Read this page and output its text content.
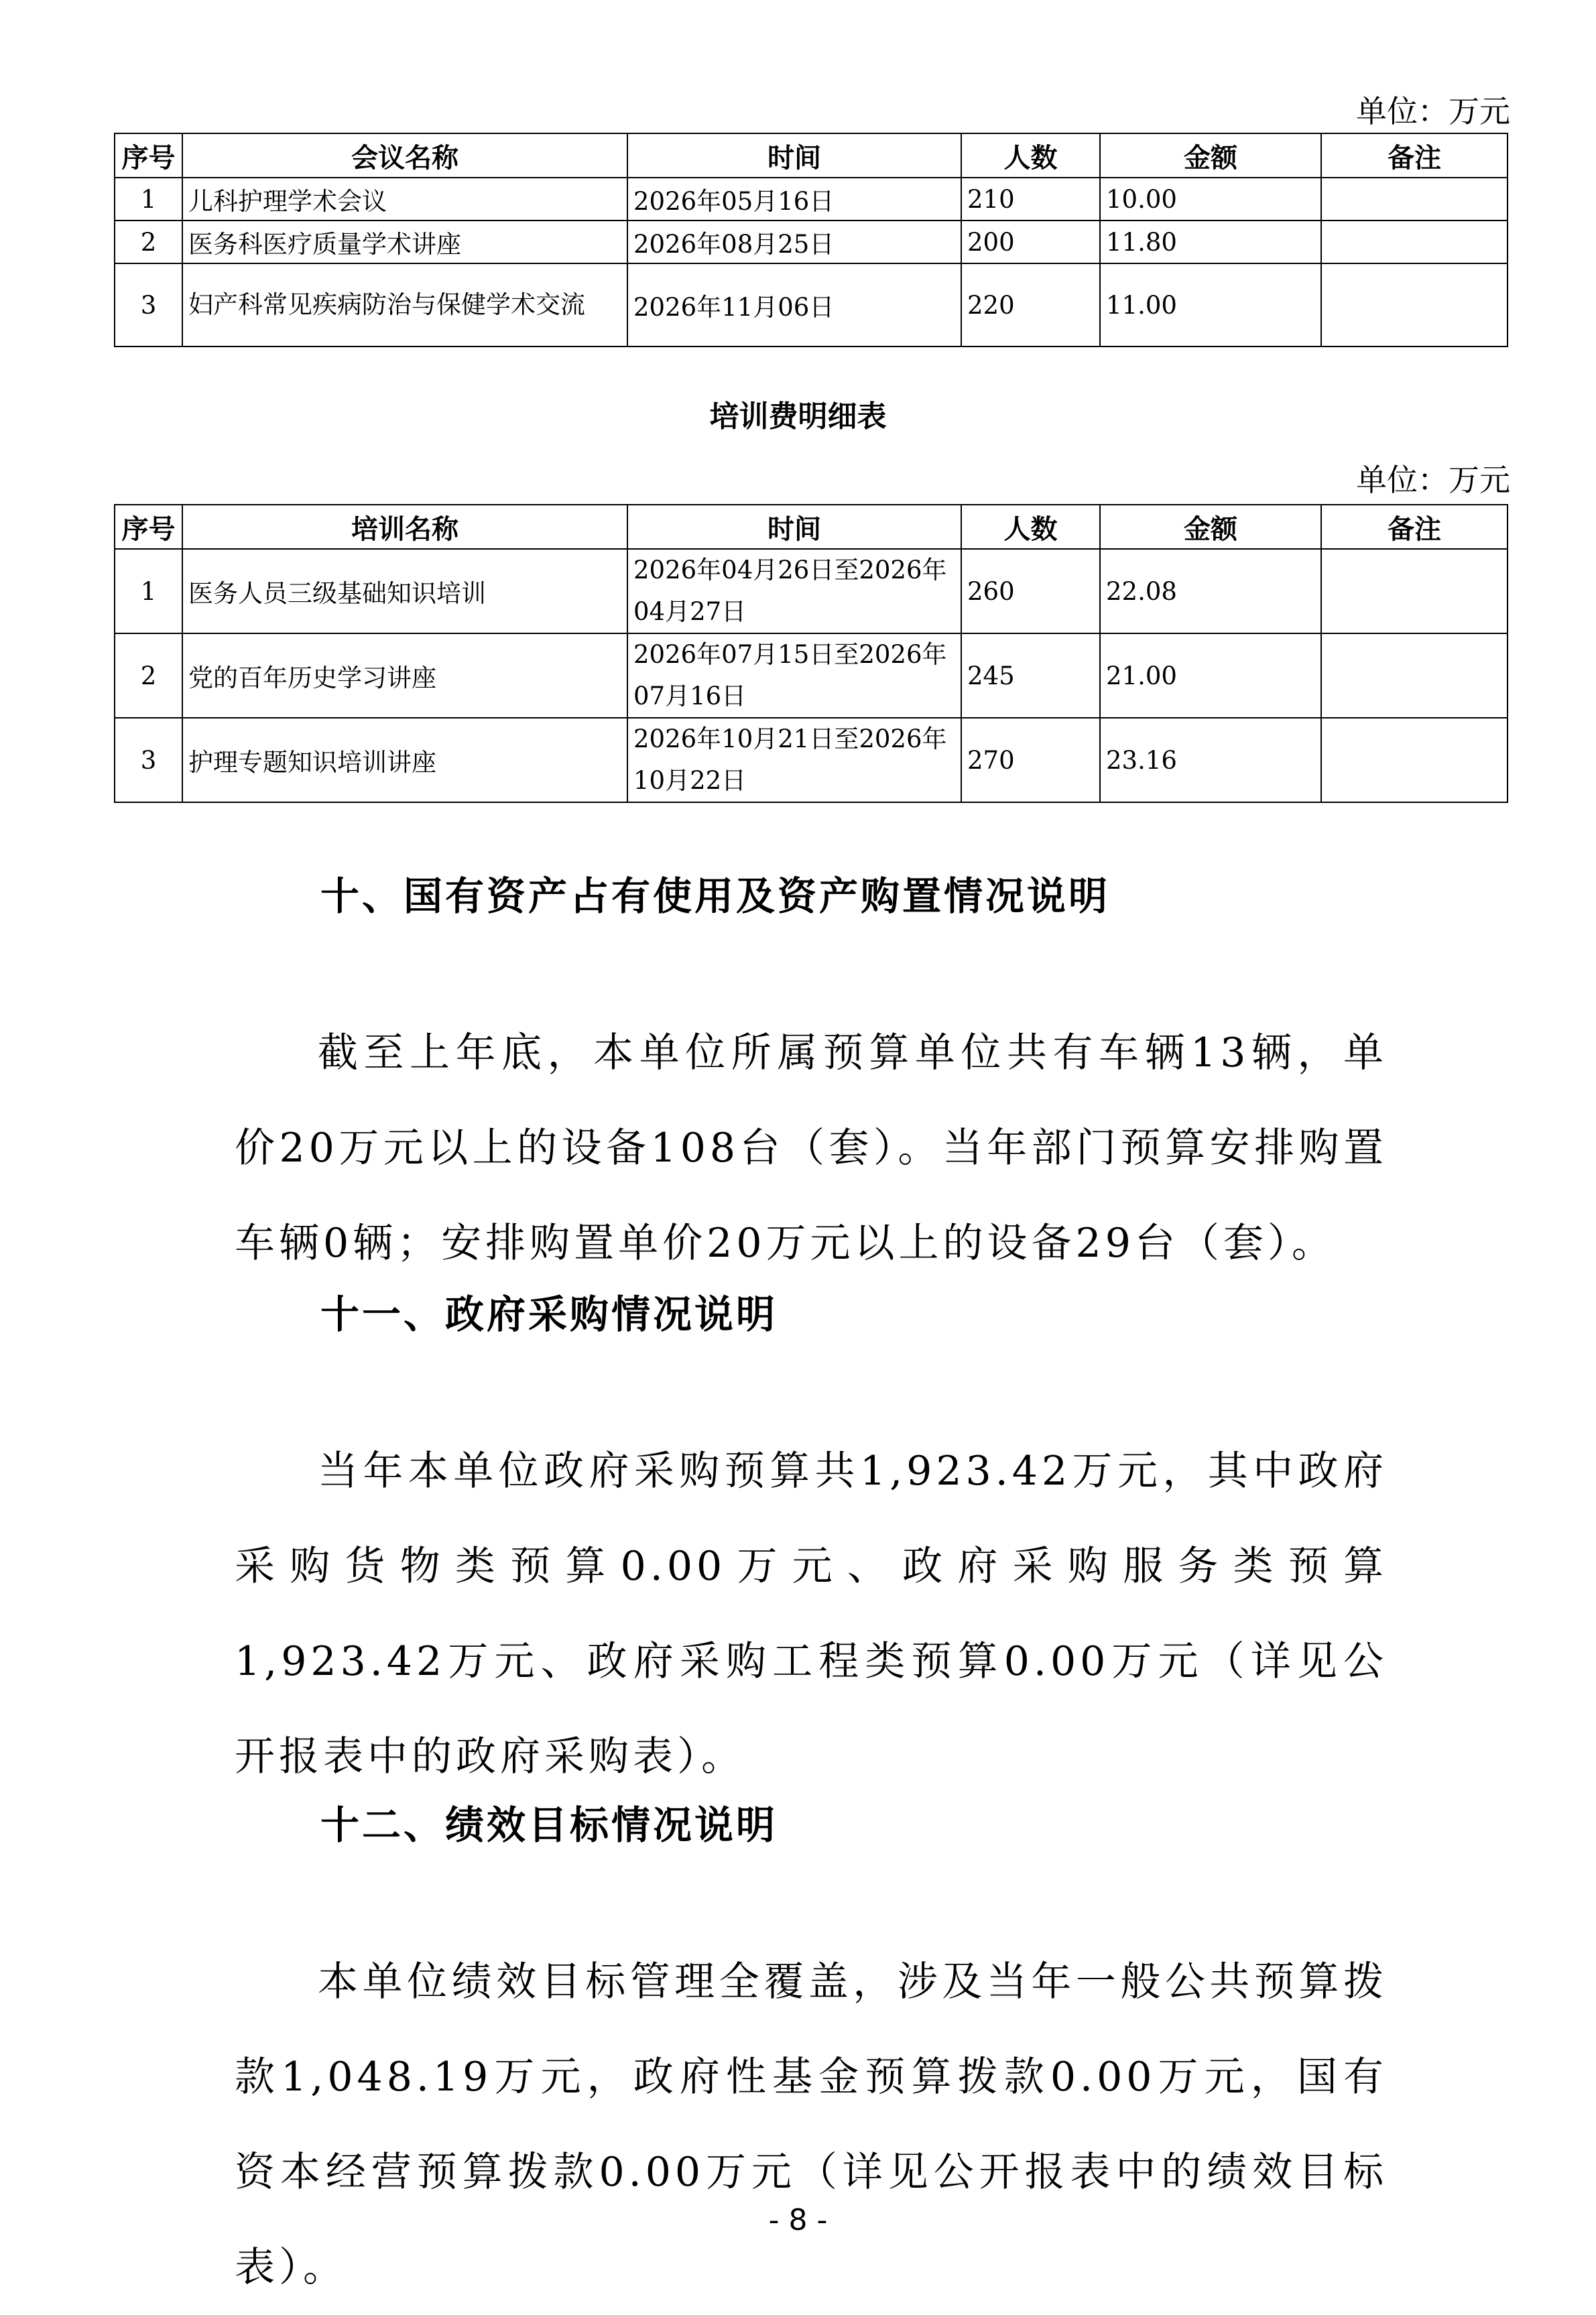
单位：万元
序号	会议名称	时间	人数	金额	备注
1	儿科护理学术会议	2026年05月16日	210	10.00	
2	医务科医疗质量学术讲座	2026年08月25日	200	11.80	
3	妇产科常见疾病防治与保健学术交流	2026年11月06日	220	11.00	
培训费明细表
单位：万元
序号	培训名称	时间	人数	金额	备注
1	医务人员三级基础知识培训	2026年04月26日至2026年04月27日	260	22.08	
2	党的百年历史学习讲座	2026年07月15日至2026年07月16日	245	21.00	
3	护理专题知识培训讲座	2026年10月21日至2026年10月22日	270	23.16	
十、国有资产占有使用及资产购置情况说明

截至上年底，本单位所属预算单位共有车辆13辆，单价20万元以上的设备108台（套）。当年部门预算安排购置车辆0辆；安排购置单价20万元以上的设备29台（套）。

十一、政府采购情况说明

当年本单位政府采购预算共1,923.42万元，其中政府采购货物类预算0.00万元、政府采购服务类预算1,923.42万元、政府采购工程类预算0.00万元（详见公开报表中的政府采购表）。

十二、绩效目标情况说明

本单位绩效目标管理全覆盖，涉及当年一般公共预算拨款1,048.19万元，政府性基金预算拨款0.00万元，国有资本经营预算拨款0.00万元（详见公开报表中的绩效目标表）。

- 8 -
